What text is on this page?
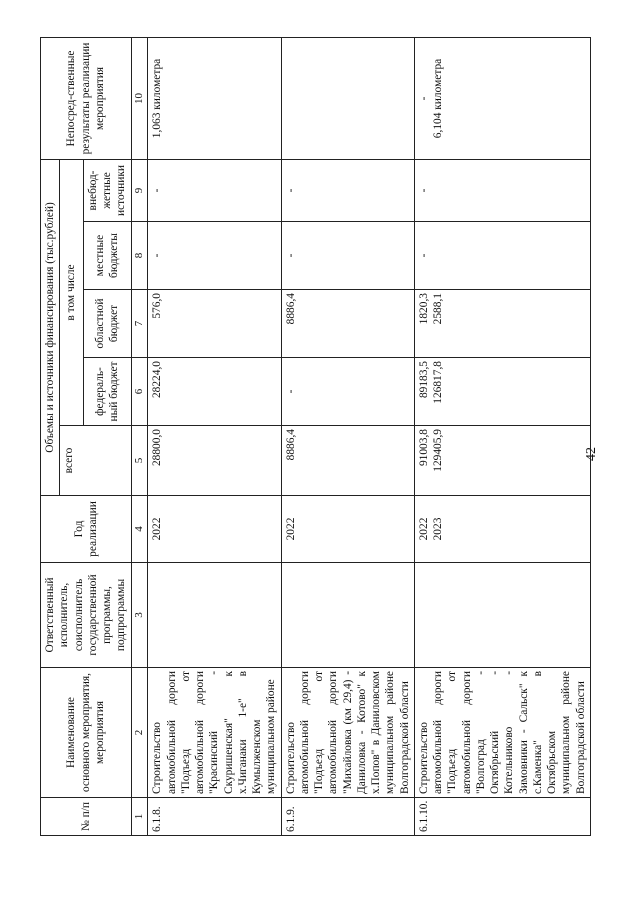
42
№ п/п	Наименование основного мероприятия, мероприятия	Ответственный исполнитель, соисполнитель государственной программы, подпрограммы	Год реализации	Объемы и источники финансирования (тыс.рублей)					Непосред-ственные результаты реализации мероприятия
				всего	в том числе				
					федераль-ный бюджет	областной бюджет	местные бюджеты	внебюд-жетные источники	
1	2	3	4	5	6	7	8	9	10
6.1.8.	Строительство автомобильной дороги "Подъезд от автомобильной дороги "Красинский - Скуришенская" к х.Чиганаки 1-е" в Кумылженском муниципальном районе		2022	28800,0	28224,0	576,0	-	-	1,063 километра
6.1.9.	Строительство автомобильной дороги "Подъезд от автомобильной дороги "Михайловка (км 29,4) - Даниловка - Котово" к х.Попов" в Даниловском муниципальном районе Волгоградской области		2022	8886,4	-	8886,4	-	-	

6.1.10.	Строительство автомобильной дороги "Подъезд от автомобильной дороги "Волгоград - Октябрьский - Котельниково - Зимовники - Сальск" к с.Каменка" в Октябрьском муниципальном районе Волгоградской области		2022 2023	91003,8 129405,9	89183,5 126817,8	1820,3 2588,1	-	-	- 6,104 километра
